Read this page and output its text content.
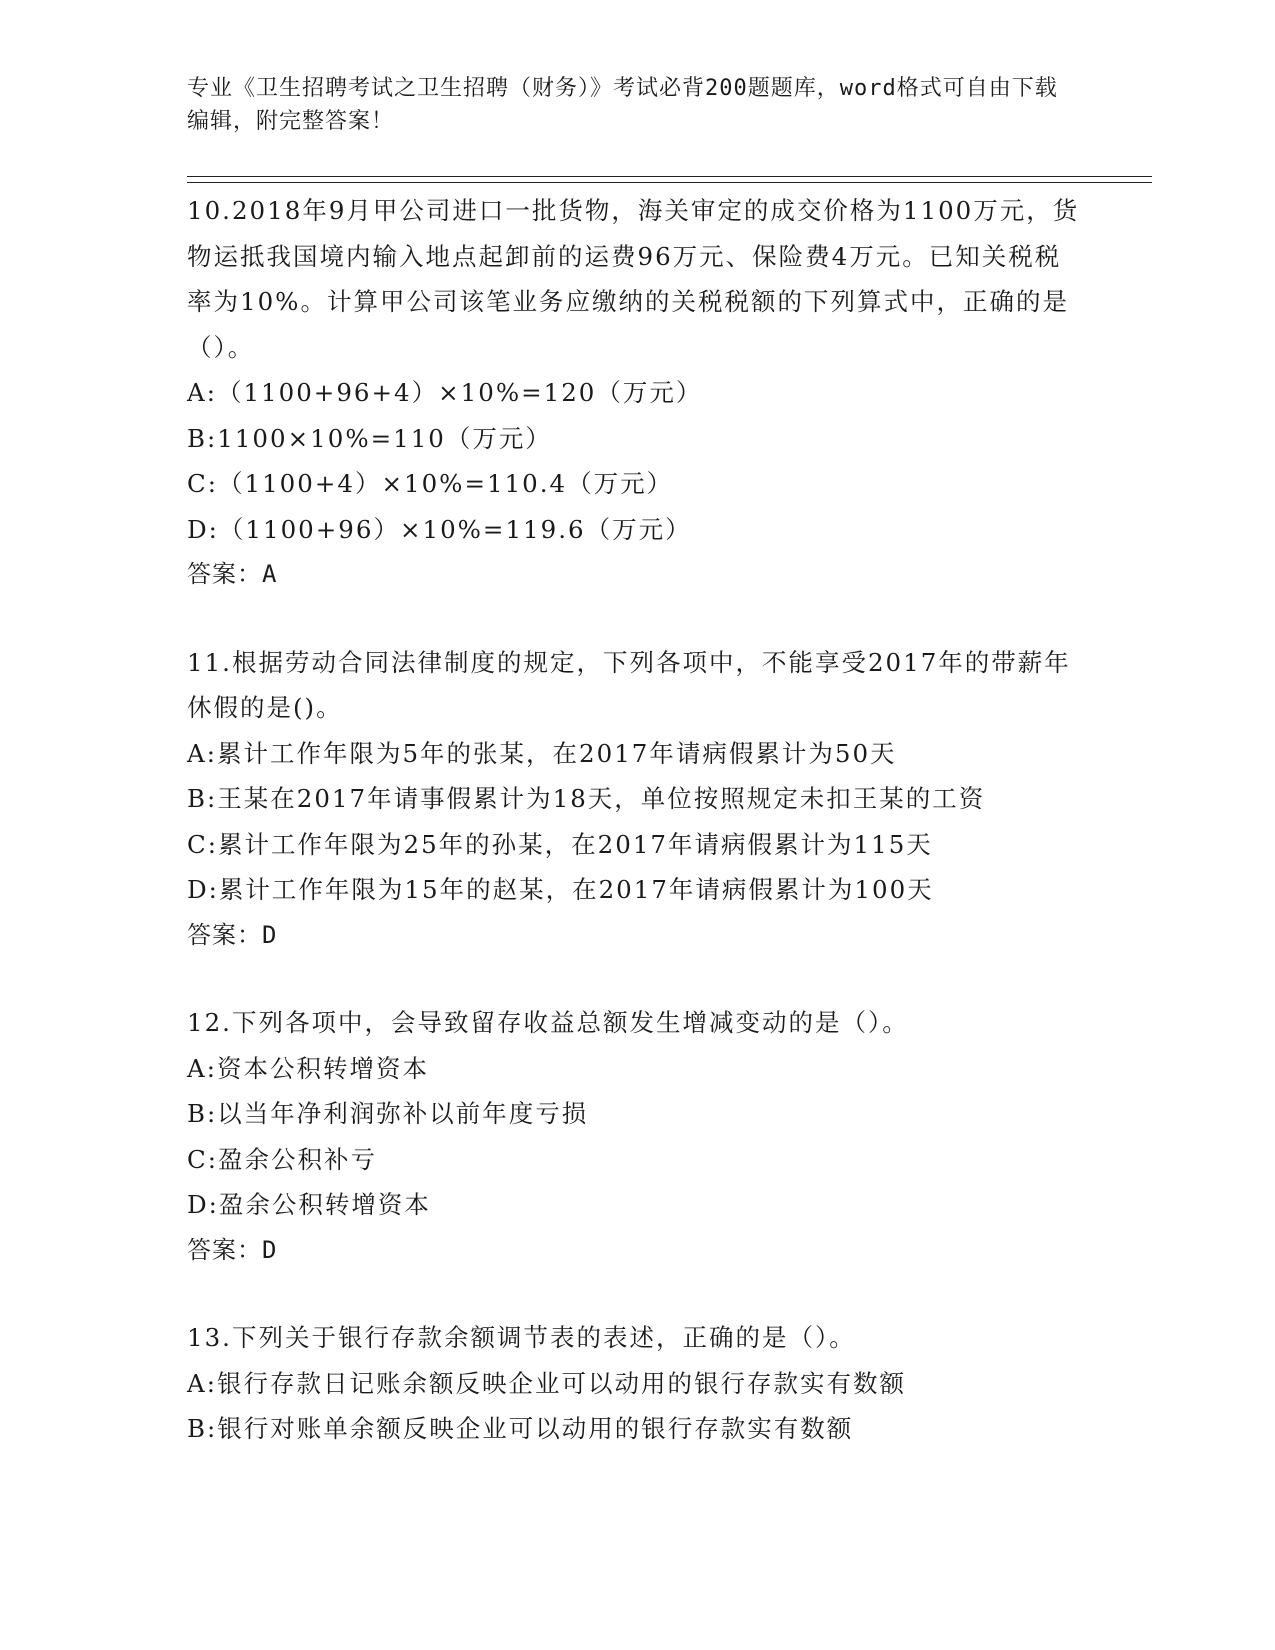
专业《卫生招聘考试之卫生招聘（财务）》考试必背200题题库，word格式可自由下载编辑，附完整答案！

10.2018年9月甲公司进口一批货物，海关审定的成交价格为1100万元，货物运抵我国境内输入地点起卸前的运费96万元、保险费4万元。已知关税税率为10%。计算甲公司该笔业务应缴纳的关税税额的下列算式中，正确的是（）。

A:（1100+96+4）×10%=120（万元）

B:1100×10%=110（万元）

C:（1100+4）×10%=110.4（万元）

D:（1100+96）×10%=119.6（万元）

答案：A

11.根据劳动合同法律制度的规定，下列各项中，不能享受2017年的带薪年休假的是()。

A:累计工作年限为5年的张某，在2017年请病假累计为50天

B:王某在2017年请事假累计为18天，单位按照规定未扣王某的工资

C:累计工作年限为25年的孙某，在2017年请病假累计为115天

D:累计工作年限为15年的赵某，在2017年请病假累计为100天

答案：D

12.下列各项中，会导致留存收益总额发生增减变动的是（）。

A:资本公积转增资本

B:以当年净利润弥补以前年度亏损

C:盈余公积补亏

D:盈余公积转增资本

答案：D

13.下列关于银行存款余额调节表的表述，正确的是（）。

A:银行存款日记账余额反映企业可以动用的银行存款实有数额

B:银行对账单余额反映企业可以动用的银行存款实有数额
